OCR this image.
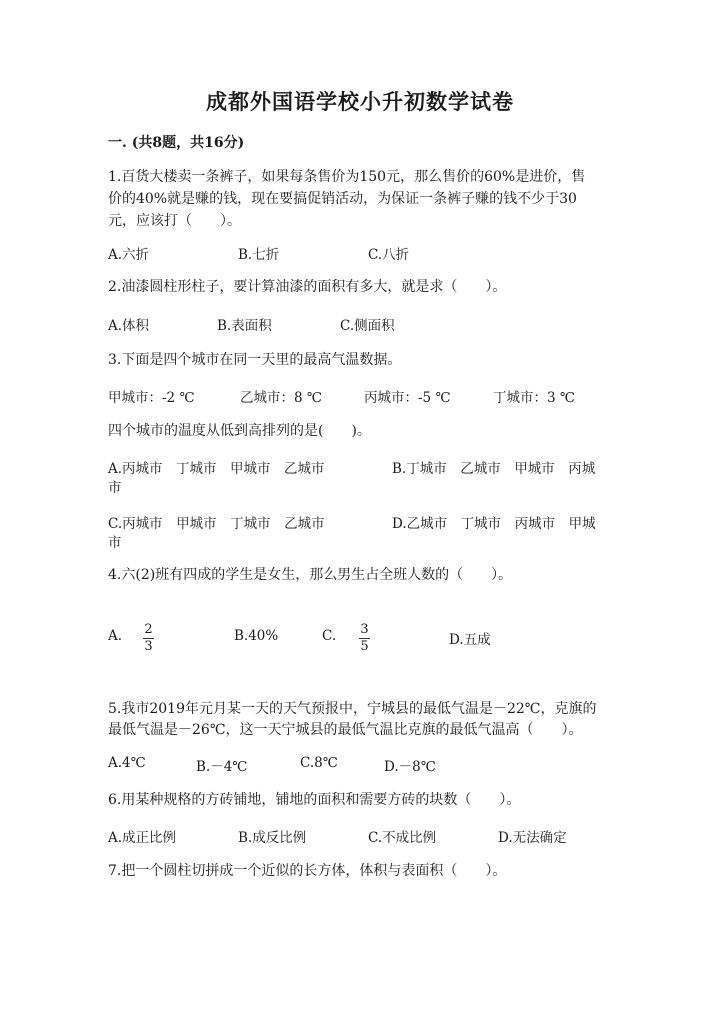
成都外国语学校小升初数学试卷
一. (共8题，共16分)
1.百货大楼卖一条裤子，如果每条售价为150元，那么售价的60%是进价，售
价的40%就是赚的钱，现在要搞促销活动，为保证一条裤子赚的钱不少于30
元，应该打（　　）。
A.六折	B.七折	C.八折
2.油漆圆柱形柱子，要计算油漆的面积有多大，就是求（　　）。
A.体积	B.表面积	C.侧面积
3.下面是四个城市在同一天里的最高气温数据。
甲城市：-2 ℃	乙城市：8 ℃	丙城市：-5 ℃	丁城市：3 ℃
四个城市的温度从低到高排列的是(　　)。
A.丙城市　丁城市　甲城市　乙城市	B.丁城市　乙城市　甲城市　丙城
市
C.丙城市　甲城市　丁城市　乙城市	D.乙城市　丁城市　丙城市　甲城
市
4.六(2)班有四成的学生是女生，那么男生占全班人数的（　　）。
A. 2
3
B.40%	C. 3
5	D.五成
5.我市2019年元月某一天的天气预报中，宁城县的最低气温是－22℃，克旗的
最低气温是－26℃，这一天宁城县的最低气温比克旗的最低气温高（　　）。
A.4℃	B.－4℃	C.8℃	D.－8℃
6.用某种规格的方砖铺地，铺地的面积和需要方砖的块数（　　）。
A.成正比例	B.成反比例	C.不成比例	D.无法确定
7.把一个圆柱切拼成一个近似的长方体，体积与表面积（　　）。
